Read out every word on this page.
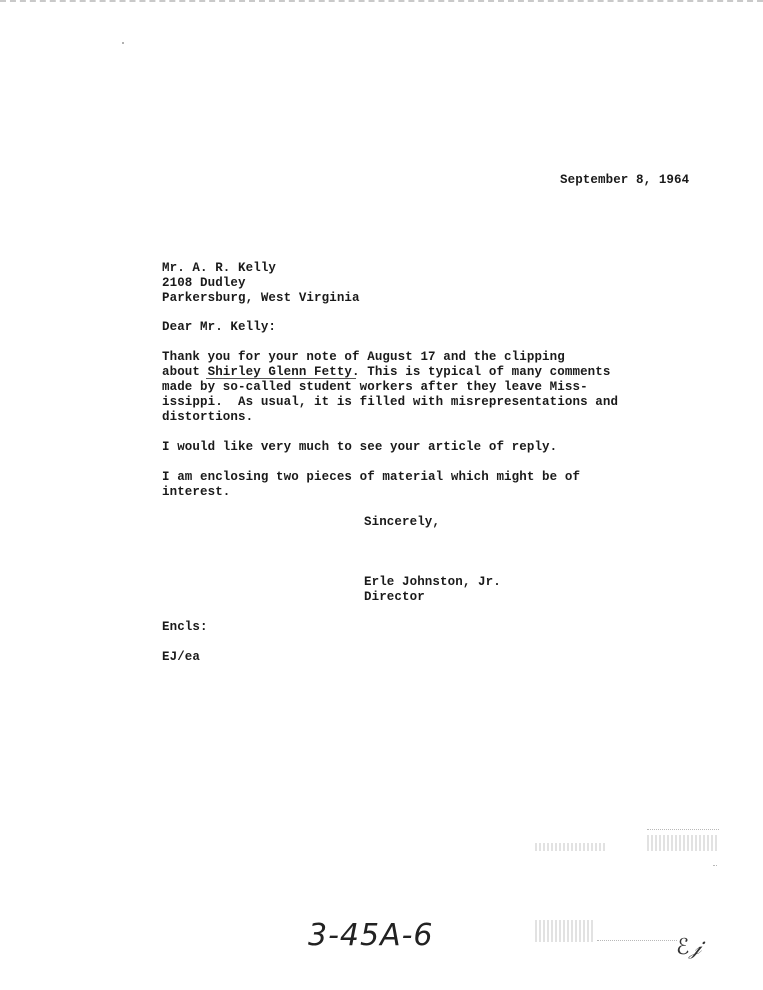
September 8, 1964
Mr. A. R. Kelly
2108 Dudley
Parkersburg, West Virginia
Dear Mr. Kelly:
Thank you for your note of August 17 and the clipping
about Shirley Glenn Fetty. This is typical of many comments
made by so-called student workers after they leave Miss-
issippi.  As usual, it is filled with misrepresentations and
distortions.
I would like very much to see your article of reply.
I am enclosing two pieces of material which might be of
interest.
Sincerely,
Erle Johnston, Jr.
Director
Encls:
EJ/ea
3-45A-6	ℰ𝒿
